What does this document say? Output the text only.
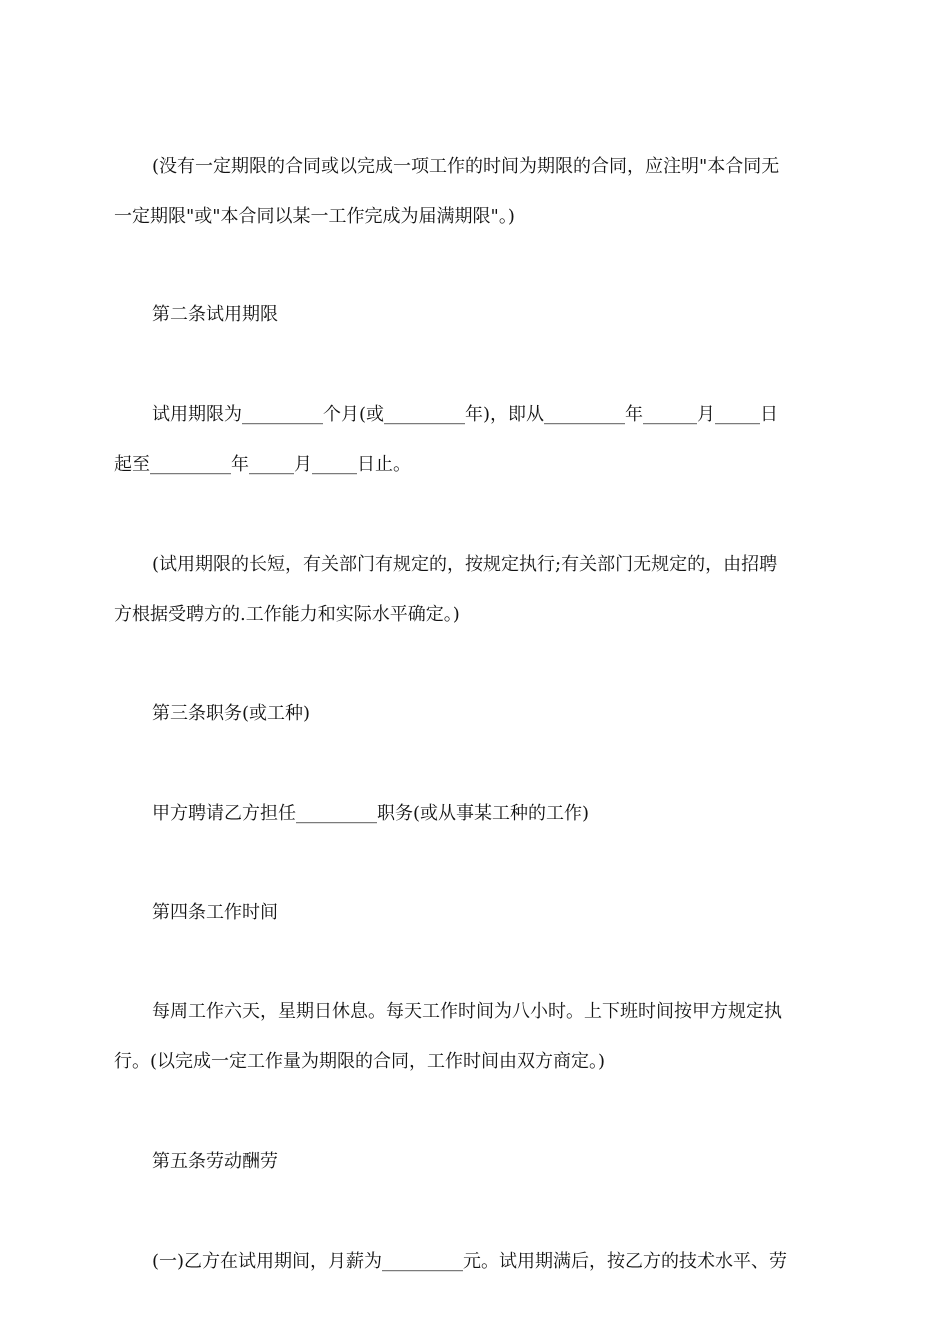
(没有一定期限的合同或以完成一项工作的时间为期限的合同，应注明"本合同无
一定期限"或"本合同以某一工作完成为届满期限"。)
第二条试用期限
试用期限为_________个月(或_________年)，即从_________年______月_____日
起至_________年_____月_____日止。
(试用期限的长短，有关部门有规定的，按规定执行;有关部门无规定的，由招聘
方根据受聘方的.工作能力和实际水平确定。)
第三条职务(或工种)
甲方聘请乙方担任_________职务(或从事某工种的工作)
第四条工作时间
每周工作六天，星期日休息。每天工作时间为八小时。上下班时间按甲方规定执
行。(以完成一定工作量为期限的合同，工作时间由双方商定。)
第五条劳动酬劳
(一)乙方在试用期间，月薪为_________元。试用期满后，按乙方的技术水平、劳
